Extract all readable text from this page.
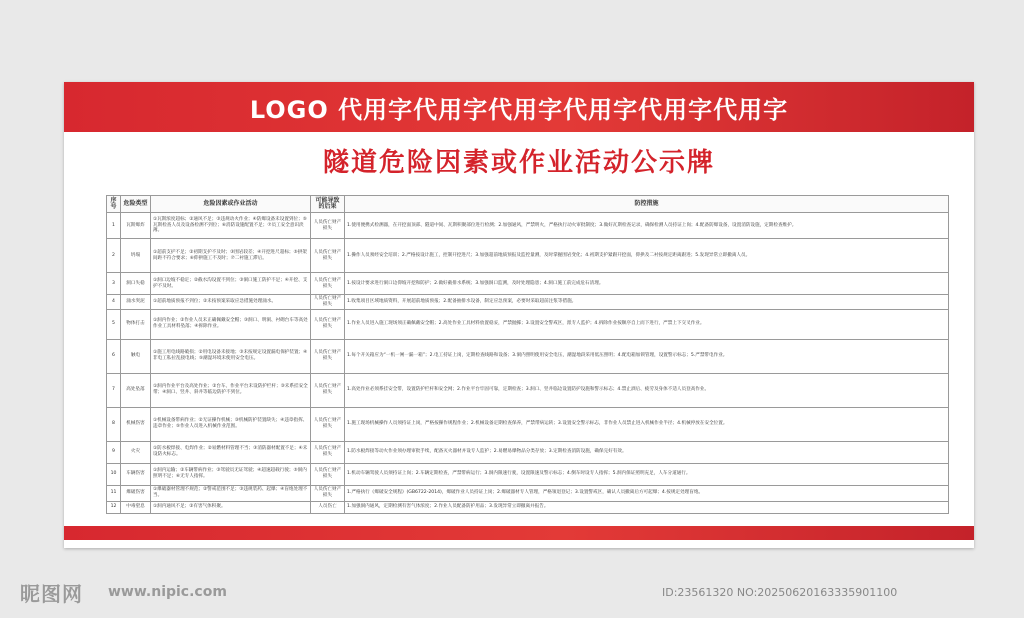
LOGO 代用字代用字代用字代用字代用字代用字
隧道危险因素或作业活动公示牌
序号	危险类型	危险因素或作业活动	可能导致的后果	防控措施
1	瓦斯爆炸	①瓦斯浓度超标；②通风不足；③违规动火作业；④防爆设备未设置到位；⑤瓦斯检查人员及设备检测不到位；⑥消防设施配置不足；⑦员工安全意识淡薄。	人员伤亡财产损失	1.使用便携式检测器，在开挖面顶部、隧道中间、瓦斯积聚部位进行检测；2.加强通风，严禁明火，严格执行动火审批制度；3.做好瓦斯检查记录，确保检测人员持证上岗；4.配备防爆设备，设置消防设施，定期检查维护。
2	坍塌	①超前支护不足；②初期支护不及时；③围岩较差；④开挖进尺超标；⑤拱架间距不符合要求；⑥仰拱施工不及时；⑦二衬施工滞后。	人员伤亡财产损失	1.操作人员须经安全培训；2.严格按设计施工，控制开挖进尺；3.加强超前地质预报及监控量测，及时掌握围岩变化；4.初期支护紧跟开挖面，仰拱及二衬按规定距离跟进；5.发现异常立即撤离人员。
3	洞口失稳	①洞口边坡不稳定；②截水沟设置不到位；③洞口施工防护不足；④开挖、支护不及时。	人员伤亡财产损失	1.按设计要求进行洞口边仰坡开挖和防护；2.做好截排水系统；3.加强洞口监测，及时处理隐患；4.洞口施工前完成危石清理。
4	涌水突泥	①超前地质预报不到位；②未按预案采取应急措施处理涌水。	人员伤亡财产损失	1.收集项目区域地质资料，开展超前地质预报；2.配备抽排水设备，制定应急预案，必要时采取超前注浆等措施。
5	物体打击	①洞内作业；②作业人员未正确佩戴安全帽；③洞口、明洞、衬砌台车等高处作业工具材料坠落；④拆除作业。	人员伤亡财产损失	1.作业人员进入施工现场须正确佩戴安全帽；2.高处作业工具材料放置稳妥，严禁抛掷；3.设置安全警戒区，派专人监护；4.拆除作业按顺序自上而下进行，严禁上下交叉作业。
6	触电	①施工用电线路破损；②用电设备未接地；③未按规定设置漏电保护装置；④非电工私拉乱接电线；⑤潮湿环境未使用安全电压。	人员伤亡财产损失	1.每个开关箱应为“一机一闸一漏一箱”；2.电工持证上岗，定期检查线路和设备；3.洞内照明使用安全电压，潮湿地段采用低压照明；4.配电箱加锁管理，设置警示标志；5.严禁带电作业。
7	高处坠落	①洞内作业平台及高处作业；②台车、作业平台未设防护栏杆；③未系挂安全带；④洞口、竖井、斜井等临边防护不到位。	人员伤亡财产损失	1.高处作业必须系挂安全带，设置防护栏杆和安全网；2.作业平台牢固可靠，定期检查；3.洞口、竖井临边设置防护设施和警示标志；4.禁止酒后、疲劳及身体不适人员登高作业。
8	机械伤害	①机械设备带病作业；②无证操作机械；③机械防护装置缺失；④违章指挥、违章作业；⑤作业人员进入机械作业范围。	人员伤亡财产损失	1.施工现场机械操作人员须持证上岗，严格按操作规程作业；2.机械设备定期检查保养，严禁带病运转；3.设置安全警示标志，非作业人员禁止进入机械作业半径；4.机械停放在安全位置。
9	火灾	①防水板焊接、电焊作业；②易燃材料管理不当；③消防器材配置不足；④未设防火标志。	人员伤亡财产损失	1.防水板焊接等动火作业须办理审批手续，配备灭火器材并设专人监护；2.易燃易爆物品分类存放；3.定期检查消防设施，确保完好有效。
10	车辆伤害	①洞内运输；②车辆带病作业；③驾驶员无证驾驶；④超速超载行驶；⑤洞内照明不足；⑥无专人指挥。	人员伤亡财产损失	1.机动车辆驾驶人员须持证上岗；2.车辆定期检查，严禁带病运行；3.洞内限速行驶，设置限速及警示标志；4.倒车时设专人指挥；5.洞内保证照明充足，人车分道通行。
11	爆破伤害	①爆破器材管理不规范；②警戒范围不足；③违规装药、起爆；④盲炮处理不当。	人员伤亡财产损失	1.严格执行《爆破安全规程》(GB6722-2014)，爆破作业人员持证上岗；2.爆破器材专人管理，严格领退登记；3.设置警戒区，确认人员撤离后方可起爆；4.按规定处理盲炮。
12	中毒窒息	①洞内通风不足；②有害气体积聚。	人员伤亡	1.加强洞内通风，定期检测有害气体浓度；2.作业人员配备防护用品；3.发现异常立即撤离并报告。
昵图网 www.nipic.com	ID:23561320 NO:20250620163335901100
